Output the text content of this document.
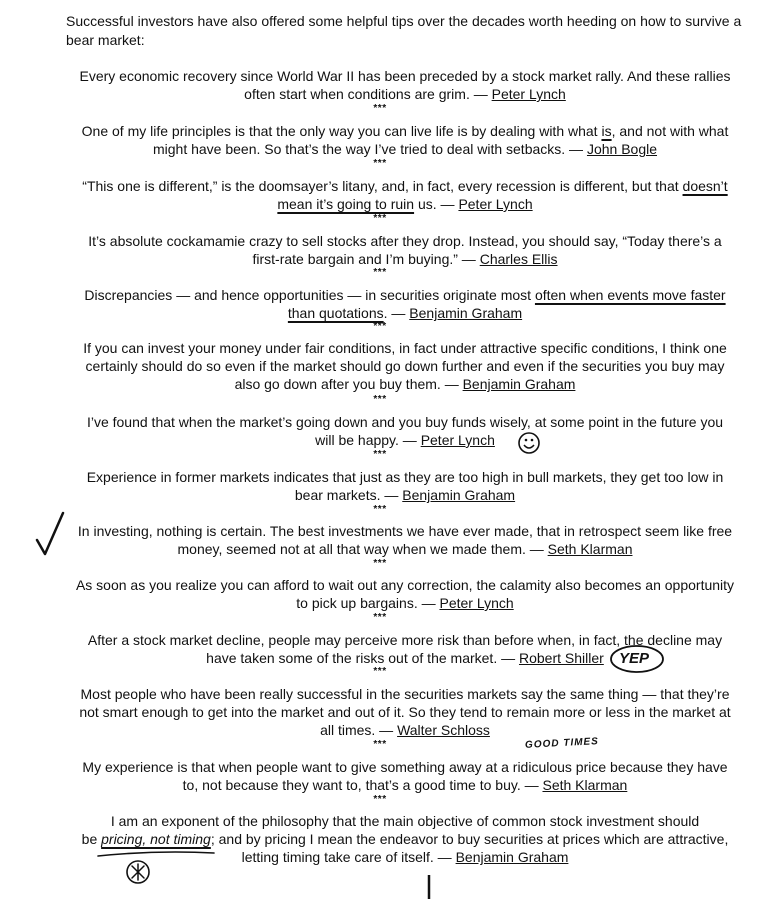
Successful investors have also offered some helpful tips over the decades worth heeding on how to survive a bear market:
Every economic recovery since World War II has been preceded by a stock market rally. And these rallies
often start when conditions are grim. — Peter Lynch
***
One of my life principles is that the only way you can live life is by dealing with what is, and not with what
might have been. So that’s the way I’ve tried to deal with setbacks. — John Bogle
***
“This one is different,” is the doomsayer’s litany, and, in fact, every recession is different, but that doesn’t
mean it’s going to ruin us. — Peter Lynch
***
It’s absolute cockamamie crazy to sell stocks after they drop. Instead, you should say, “Today there’s a
first-rate bargain and I’m buying.” — Charles Ellis
***
Discrepancies — and hence opportunities — in securities originate most often when events move faster
than quotations. — Benjamin Graham
***
If you can invest your money under fair conditions, in fact under attractive specific conditions, I think one
certainly should do so even if the market should go down further and even if the securities you buy may
also go down after you buy them. — Benjamin Graham
***
I’ve found that when the market’s going down and you buy funds wisely, at some point in the future you
will be happy. — Peter Lynch
***
Experience in former markets indicates that just as they are too high in bull markets, they get too low in
bear markets. — Benjamin Graham
***
In investing, nothing is certain. The best investments we have ever made, that in retrospect seem like free
money, seemed not at all that way when we made them. — Seth Klarman
***
As soon as you realize you can afford to wait out any correction, the calamity also becomes an opportunity
to pick up bargains. — Peter Lynch
***
After a stock market decline, people may perceive more risk than before when, in fact, the decline may
have taken some of the risks out of the market. — Robert Shiller
***
Most people who have been really successful in the securities markets say the same thing — that they’re
not smart enough to get into the market and out of it. So they tend to remain more or less in the market at
all times. — Walter Schloss
***
My experience is that when people want to give something away at a ridiculous price because they have
to, not because they want to, that’s a good time to buy. — Seth Klarman
***
I am an exponent of the philosophy that the main objective of common stock investment should
be pricing, not timing; and by pricing I mean the endeavor to buy securities at prices which are attractive,
letting timing take care of itself. — Benjamin Graham
YEP
GOOD TIMES
